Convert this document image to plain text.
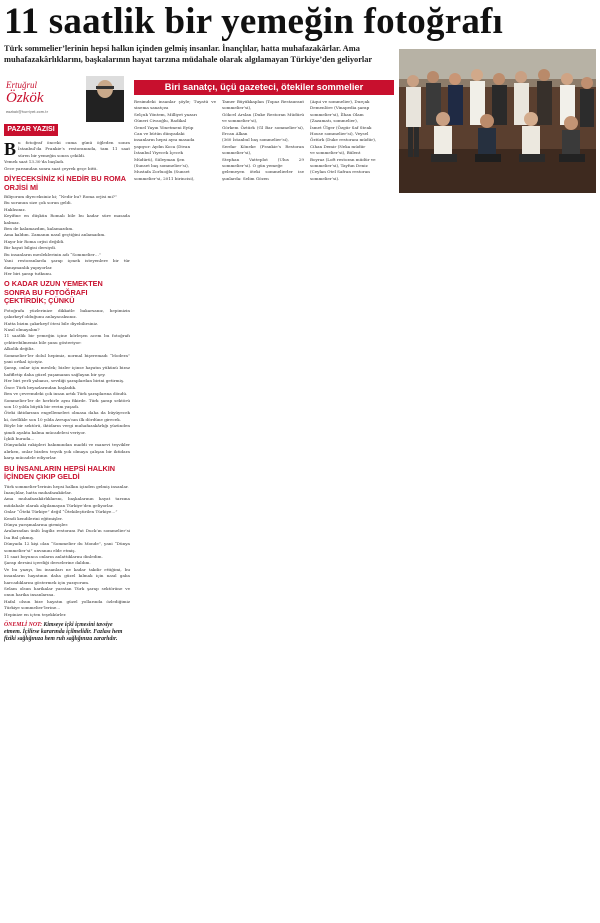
11 saatlik bir yemeğin fotoğrafı
Türk sommelier’lerinin hepsi halkın içinden gelmiş insanlar. İnançlılar, hatta muhafazakârlar. Ama muhafazakârlıklarını, başkalarının hayat tarzına müdahale olarak algılamayan Türkiye’den geliyorlar
Ertuğrul
Özkök
eozkok@hurriyet.com.tr
PAZAR YAZISI

Bu fotoğraf önceki cuma günü öğleden sonra İstanbul’da Frankie’s restoranında, tam 11 saat süren bir yemeğin sonra çekildi.

Yemek saat 13.30’da başladı.

Gece yarısından sonra saat çeyrek geçe bitti.

DİYECEKSİNİZ Kİ NEDİR BU ROMA ORJİSİ Mİ

Biliyorum diyeceksiniz ki; “Nedir bu? Roma orjisi mi?”

Bu sorunun size çok sorun geldi.

Haklısınız.

Keyifine en düşkün Romalı bile bu kadar süre masada kalmaz.

Ben de kalamazdım, kalamazdım.

Ama kaldım. Zamanın nasıl geçtiğini anlamadım.

Hayır bir Roma orjisi değildi.

Bir hayat bilgisi dersiydi.

Bu insanların mesleklerinin adı “Sommelier…”

Yani restoranlarda şarap içmek isteyenlere bir tür danışmanlık yapıyorlar.

Her biri şarap tutkunu.

O KADAR UZUN YEMEKTEN SONRA BU FOTOĞRAFI ÇEKTİRDİK; ÇÜNKÜ

Fotoğrafa yüzlerinize dikkatle bakarsanız, hepimizin çakırkeyf olduğunu anlayacaksınız.

Hatta bizim çakırkeyf ötesi bile diyebilirsiniz.

Nasıl olmayalım?

11 saatlik bir yemeğin içine körleşen acem bu fotoğrafı çektirebilmemiz bile şunu gösteriyor:

Alkolik değiliz.

Sommelier’ler dolul hepimiz, normal bişeremadı “Modera” yani ortkal içiciyiz.

Şarap, onlar için meslek; bizler içinse hayatın yükünü biraz hafifletip daha güzel yaşamanın sağlayan bir şey.

Her biri yerli yabancı, sevdiği şaraplardan birini getirmiş.

Önce Türk beyazlarından başladık.

Ben ve çevremdeki çok insan artık Türk şaraplarına döndü.

Sommelier’ler de herbirle aynı fikirde. Türk şarap sektörü son 10 yılda büyük bir evrim yaşadı.

Öteki iktidarının engellemeleri olmasa daha da büyüyecek ki, özellikle son 10 yılda Avrupa’nın ilk dördüne girecek.

Böyle bir sektörü, iktidarın vergi muhafazakârlığı yüzünden şimdi ayakta kalma mücadelesi veriyor.

İçkili burada...

Dünyadaki rakipleri bakımından maddi ve manevi teşvikler alırken, onlar bizden teşvik yok olmaya çalışan bir iktidara karşı mücadele ediyorlar.

BU İNSANLARIN HEPSİ HALKIN İÇİNDEN ÇIKIP GELDİ

Türk sommelier’lerinin hepsi halkın içinden gelmiş insanlar.

İnançlılar, hatta muhafazakârlar.

Ama muhafazakârlıklarını, başkalarının hayat tarzına müdahale olarak algılamayan Türkiye’den geliyorlar.

Onlar “Öteki Türkiye” değil “Ötekileştirilen Türkiye…”

Kendi kendilerini eğitmişler.

Dünya yarışmalarına girmişler.

Aralarından ünlü İngiliz restoranı Fat Duck’ın sommelier’si İsa Bal çıkmış.

Dünyada 12 kişi olan “Sommelier du Monde”, yani “Dünya sommelier’si” unvanını elde etmiş.

11 saat boyunca onların anlattıklarını dinledim.

Şarap dersini içerdiği derselerine daldım.

Ve bu yazıyı, bu insanları ne kadar takdir ettiğimi, bu insanların hayatının daha güzel kılmak için nasıl gaba harcadıklarını göstermek için yazıyorum.

Selam olsun harikalar yaratan Türk şarap sektörüne ve onun harika insanlarına.

Hafal olsun bize hayatın güzel yollarında özlediğimiz Türkiye sommelier’lerine...

Hepinize en içten teşekkürler.

ÖNEMLİ NOT: Kimseye içki içmesini tavsiye etmem. İçilirse kararında içilmelidir. Fazlası hem fiziki sağlığınıza hem ruh sağlığınıza zararlıdır.

Biri sanatçı, üçü gazeteci, ötekiler sommelier

Resimdeki insanlar şöyle; Tuyatü ve sinema sanatçısı

Selçuk Yöntem, Milliyet yazarı

Güneri Civaoğlu, Radikal

Genel Yayın Yönetmeni Eyüp

Can ve bütün dünyadaki

insanların hepsi aynı masada

yapıyor: Aydın Koca (Divan

İstanbul Yiyecek İçecek

Müdürü), Süleyman Şen

(Sunset baş sommelier’si),

Mustafa Zorluoğlu (Sunset

sommelier’si, 2011 birincisi),

Tamer Büyükkaplan (Topaz Restaurant sommelier’si),

Gökcel Arslan (Duke Restoran Müdürü ve sommelier’si),

Görkem Öztürk (Gl Bar sommelier’si), Ercan Alkan

(360 İstanbul baş sommelier’si),

Serdar Köneke (Frankie’s Restoran sommelier’si),

Stephan Vatteplot (Ulus 29 sommelier’si). O gün yemeğe

gelemeyen öteki sommelierler ise şunlarda: Selim Gözen

(Aqui ve sommelier), Durçak

Demenlöre (Vinapedia şarap

sommelier’si), İlhan Olam

(Zazamatı, sommelier),

İsmet Ülger (Özgür Saf Steak

House sommelier’si), Veysel

Öztürk (Duke restoranı müdür),

Cihan Demir (Neka müdür

ve sommelier’si), Bülent

Boyraz (Loft restoran müdür ve

sommelier’si), Tayfun Deniz

(Ceylan Otel Safran restoran

sommelier’si).
